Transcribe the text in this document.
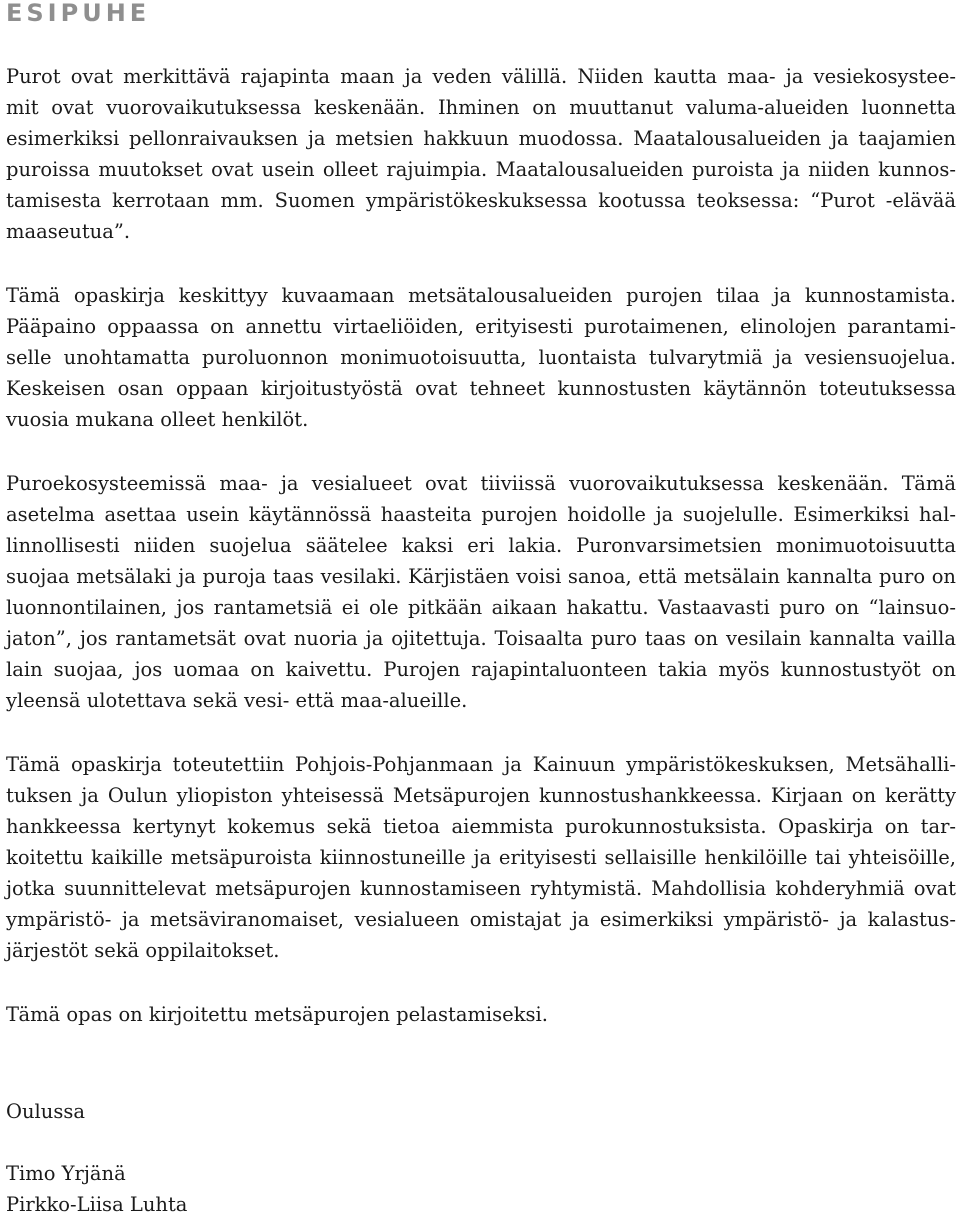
ESIPUHE

Purot ovat merkittävä rajapinta maan ja veden välillä. Niiden kautta maa- ja vesiekosystee-
mit ovat vuorovaikutuksessa keskenään. Ihminen on muuttanut valuma-alueiden luonnetta
esimerkiksi pellonraivauksen ja metsien hakkuun muodossa. Maatalousalueiden ja taajamien
puroissa muutokset ovat usein olleet rajuimpia. Maatalousalueiden puroista ja niiden kunnos-
tamisesta kerrotaan mm. Suomen ympäristökeskuksessa kootussa teoksessa: “Purot -elävää
maaseutua”.

Tämä opaskirja keskittyy kuvaamaan metsätalousalueiden purojen tilaa ja kunnostamista.
Pääpaino oppaassa on annettu virtaeliöiden, erityisesti purotaimenen, elinolojen parantami-
selle unohtamatta puroluonnon monimuotoisuutta, luontaista tulvarytmiä ja vesiensuojelua.
Keskeisen osan oppaan kirjoitustyöstä ovat tehneet kunnostusten käytännön toteutuksessa
vuosia mukana olleet henkilöt.

Puroekosysteemissä maa- ja vesialueet ovat tiiviissä vuorovaikutuksessa keskenään. Tämä
asetelma asettaa usein käytännössä haasteita purojen hoidolle ja suojelulle. Esimerkiksi hal-
linnollisesti niiden suojelua säätelee kaksi eri lakia. Puronvarsimetsien monimuotoisuutta
suojaa metsälaki ja puroja taas vesilaki. Kärjistäen voisi sanoa, että metsälain kannalta puro on
luonnontilainen, jos rantametsiä ei ole pitkään aikaan hakattu. Vastaavasti puro on “lainsuo-
jaton”, jos rantametsät ovat nuoria ja ojitettuja. Toisaalta puro taas on vesilain kannalta vailla
lain suojaa, jos uomaa on kaivettu. Purojen rajapintaluonteen takia myös kunnostustyöt on
yleensä ulotettava sekä vesi- että maa-alueille.

Tämä opaskirja toteutettiin Pohjois-Pohjanmaan ja Kainuun ympäristökeskuksen, Metsähalli-
tuksen ja Oulun yliopiston yhteisessä Metsäpurojen kunnostushankkeessa. Kirjaan on kerätty
hankkeessa kertynyt kokemus sekä tietoa aiemmista purokunnostuksista. Opaskirja on tar-
koitettu kaikille metsäpuroista kiinnostuneille ja erityisesti sellaisille henkilöille tai yhteisöille,
jotka suunnittelevat metsäpurojen kunnostamiseen ryhtymistä. Mahdollisia kohderyhmiä ovat
ympäristö- ja metsäviranomaiset, vesialueen omistajat ja esimerkiksi ympäristö- ja kalastus-
järjestöt sekä oppilaitokset.

Tämä opas on kirjoitettu metsäpurojen pelastamiseksi.

Oulussa

Timo Yrjänä
Pirkko-Liisa Luhta
